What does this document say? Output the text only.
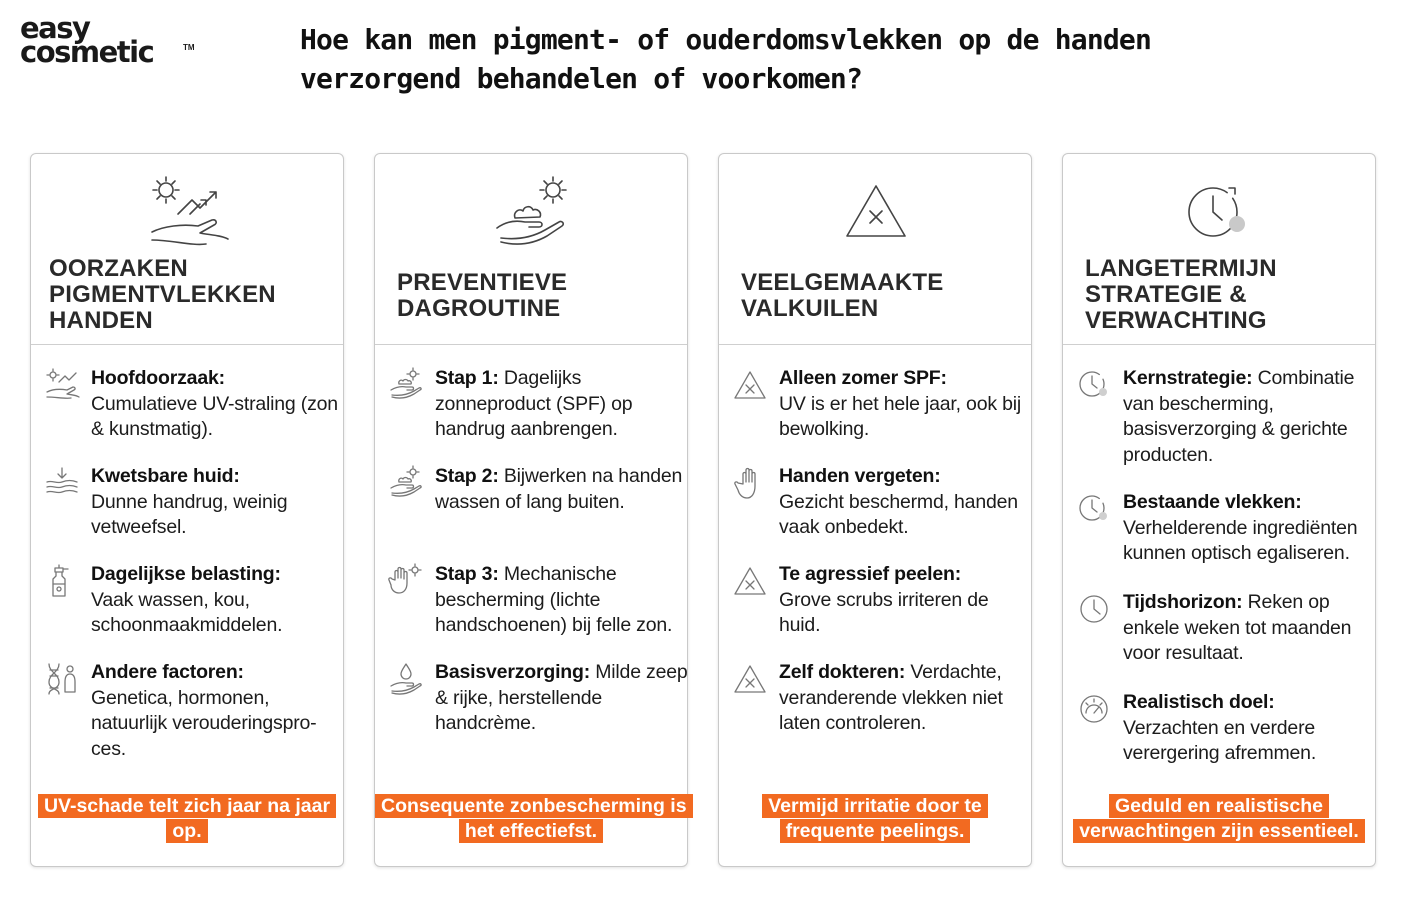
easy
cosmetic	TM	Hoe kan men pigment- of ouderdomsvlekken op de handen verzorgend behandelen of voorkomen?
OORZAKEN PIGMENTVLEKKEN HANDEN
Hoofdoorzaak:
Cumulatieve UV-straling (zon & kunstmatig).
Kwetsbare huid:
Dunne handrug, weinig vetweefsel.
Dagelijkse belasting:
Vaak wassen, kou, schoonmaakmiddelen.
Andere factoren:
Genetica, hormonen, natuurlijk verouderingspro-ces.
UV-schade telt zich jaar na jaar op.
PREVENTIEVE DAGROUTINE
Stap 1: Dagelijks zonneproduct (SPF) op handrug aanbrengen.
Stap 2: Bijwerken na handen wassen of lang buiten.
Stap 3: Mechanische bescherming (lichte handschoenen) bij felle zon.
Basisverzorging: Milde zeep & rijke, herstellende handcrème.
Consequente zonbescherming is het effectiefst.
VEELGEMAAKTE VALKUILEN
Alleen zomer SPF:
UV is er het hele jaar, ook bij bewolking.
Handen vergeten:
Gezicht beschermd, handen vaak onbedekt.
Te agressief peelen:
Grove scrubs irriteren de huid.
Zelf dokteren: Verdachte, veranderende vlekken niet laten controleren.
Vermijd irritatie door te frequente peelings.
LANGETERMIJN STRATEGIE & VERWACHTING
Kernstrategie: Combinatie van bescherming, basisverzorging & gerichte producten.
Bestaande vlekken:
Verhelderende ingrediënten kunnen optisch egaliseren.
Tijdshorizon: Reken op enkele weken tot maanden voor resultaat.
Realistisch doel:
Verzachten en verdere verergering afremmen.
Geduld en realistische verwachtingen zijn essentieel.
